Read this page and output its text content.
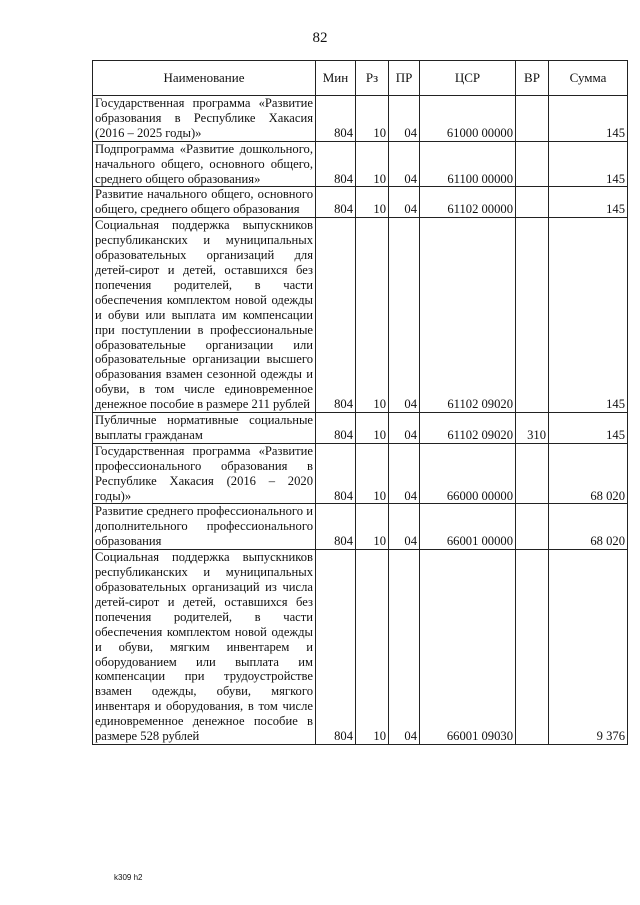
82
Наименование	Мин	Рз	ПР	ЦСР	ВР	Сумма
Государственная программа «Развитие образования в Республике Хакасия (2016 – 2025 годы)»	804	10	04	61000 00000		145
Подпрограмма «Развитие дошкольного, начального общего, основного общего, среднего общего образования»	804	10	04	61100 00000		145
Развитие начального общего, основного общего, среднего общего образования	804	10	04	61102 00000		145
Социальная поддержка выпускников республиканских и муниципальных образовательных организаций для детей-сирот и детей, оставшихся без попечения родителей, в части обеспечения комплектом новой одежды и обуви или выплата им компенсации при поступлении в профессиональные образовательные организации или образовательные организации высшего образования взамен сезонной одежды и обуви, в том числе единовременное денежное пособие в размере 211 рублей	804	10	04	61102 09020		145
Публичные нормативные социальные выплаты гражданам	804	10	04	61102 09020	310	145
Государственная программа «Развитие профессионального образования в Республике Хакасия (2016 – 2020 годы)»	804	10	04	66000 00000		68 020
Развитие среднего профессионального и дополнительного профессионального образования	804	10	04	66001 00000		68 020
Социальная поддержка выпускников республиканских и муниципальных образовательных организаций из числа детей-сирот и детей, оставшихся без попечения родителей, в части обеспечения комплектом новой одежды и обуви, мягким инвентарем и оборудованием или выплата им компенсации при трудоустройстве взамен одежды, обуви, мягкого инвентаря и оборудования, в том числе единовременное денежное пособие в размере 528 рублей	804	10	04	66001 09030		9 376
k309 h2
